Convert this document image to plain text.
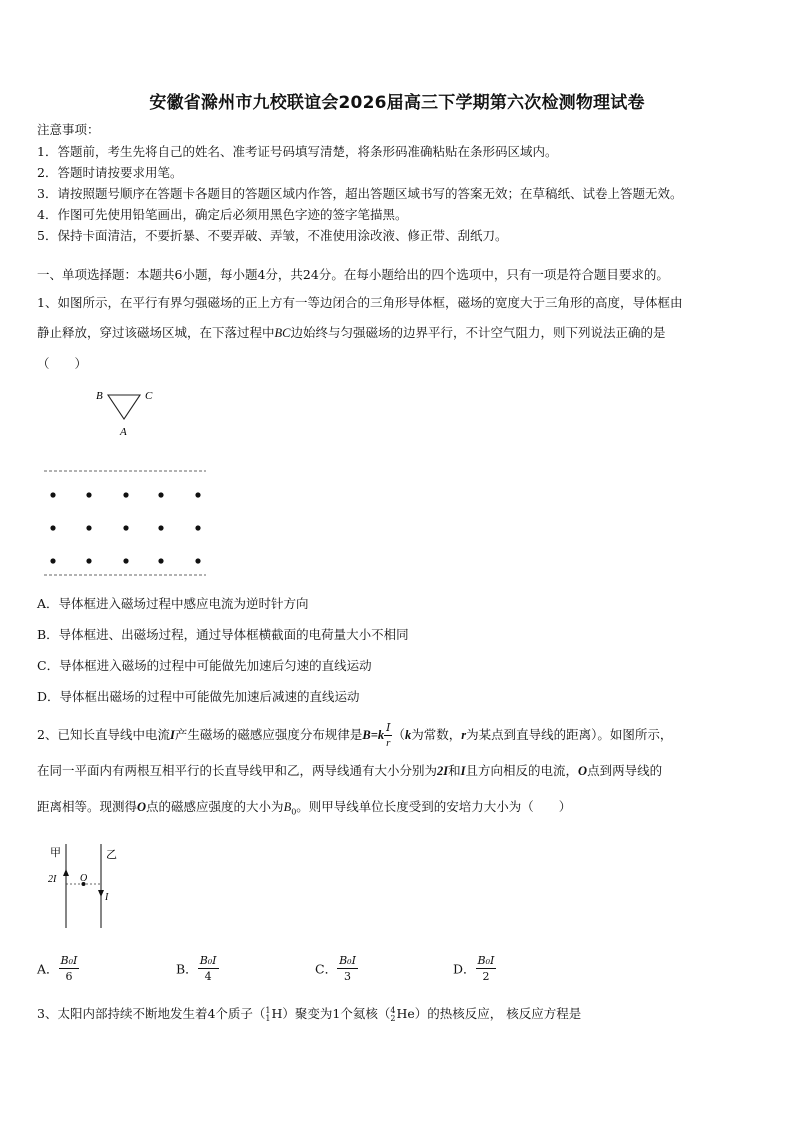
安徽省滁州市九校联谊会2026届高三下学期第六次检测物理试卷
注意事项：
1．答题前，考生先将自己的姓名、准考证号码填写清楚，将条形码准确粘贴在条形码区域内。
2．答题时请按要求用笔。
3．请按照题号顺序在答题卡各题目的答题区域内作答，超出答题区域书写的答案无效；在草稿纸、试卷上答题无效。
4．作图可先使用铅笔画出，确定后必须用黑色字迹的签字笔描黑。
5．保持卡面清洁，不要折暴、不要弄破、弄皱，不准使用涂改液、修正带、刮纸刀。
一、单项选择题：本题共6小题，每小题4分，共24分。在每小题给出的四个选项中，只有一项是符合题目要求的。
1、如图所示，在平行有界匀强磁场的正上方有一等边闭合的三角形导体框，磁场的宽度大于三角形的高度，导体框由
静止释放，穿过该磁场区城，在下落过程中BC边始终与匀强磁场的边界平行，不计空气阻力，则下列说法正确的是
（　　）
B	C
A
A．导体框进入磁场过程中感应电流为逆时针方向
B．导体框进、出磁场过程，通过导体框横截面的电荷量大小不相同
C．导体框进入磁场的过程中可能做先加速后匀速的直线运动
D．导体框出磁场的过程中可能做先加速后减速的直线运动
2、已知长直导线中电流I产生磁场的磁感应强度分布规律是$B=k \frac{I}{r} (k$为常数，r为某点到直导线的距离）。如图所示，
在同一平面内有两根互相平行的长直导线甲和乙，两导线通有大小分别为2I和I且方向相反的电流，O点到两导线的
距离相等。现测得O点的磁感应强度的大小为$B_0$。则甲导线单位长度受到的安培力大小为（　　）
甲	乙
O
2I
I
A． $\frac{\text{B₀I}}{6}$	B． $\frac{\text{B₀I}}{4}$	C． $\frac{\text{B₀I}}{3}$	D． $\frac{\text{B₀I}}{2}$
3、太阳内部持续不断地发生着4个质子（ 1
1 H）聚变为1个氦核（ 4
2 He）的热核反应， 核反应方程是
